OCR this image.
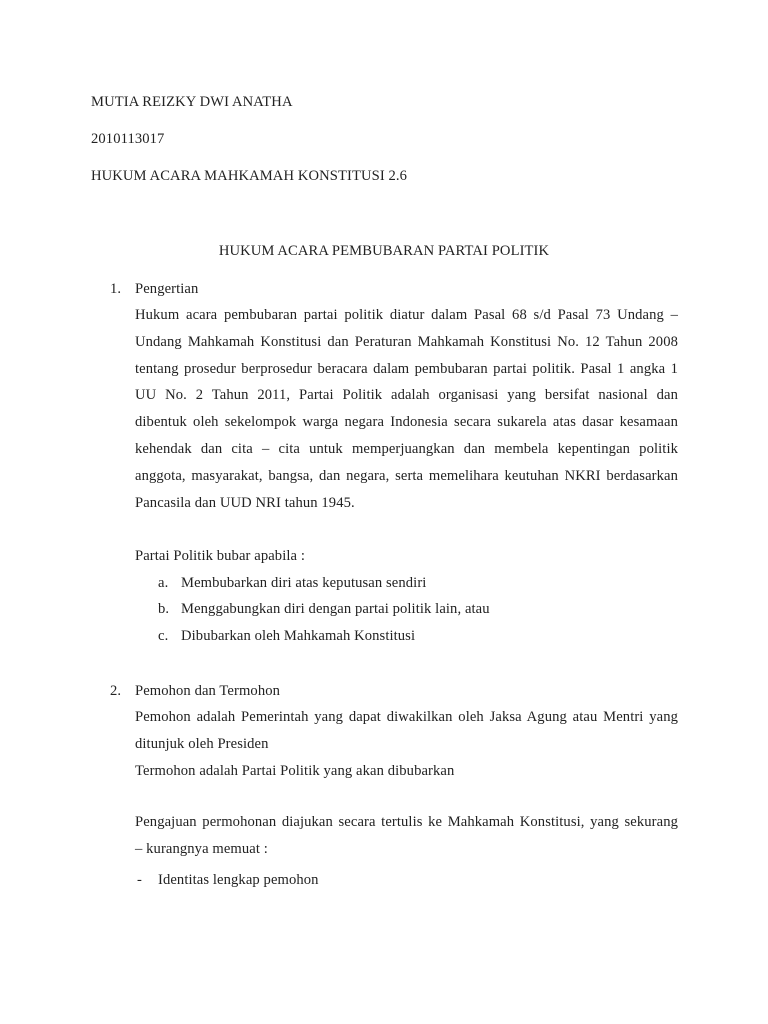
MUTIA REIZKY DWI ANATHA

2010113017

HUKUM ACARA MAHKAMAH KONSTITUSI 2.6

HUKUM ACARA PEMBUBARAN PARTAI POLITIK

1. Pengertian
Hukum acara pembubaran partai politik diatur dalam Pasal 68 s/d Pasal 73 Undang –
Undang Mahkamah Konstitusi dan Peraturan Mahkamah Konstitusi No. 12 Tahun 2008
tentang prosedur berprosedur beracara dalam pembubaran partai politik. Pasal 1 angka 1
UU No. 2 Tahun 2011, Partai Politik adalah organisasi yang bersifat nasional dan
dibentuk oleh sekelompok warga negara Indonesia secara sukarela atas dasar kesamaan
kehendak dan cita – cita untuk memperjuangkan dan membela kepentingan politik
anggota, masyarakat, bangsa, dan negara, serta memelihara keutuhan NKRI berdasarkan
Pancasila dan UUD NRI tahun 1945.

Partai Politik bubar apabila :

a. Membubarkan diri atas keputusan sendiri
b. Menggabungkan diri dengan partai politik lain, atau
c. Dibubarkan oleh Mahkamah Konstitusi
2. Pemohon dan Termohon
Pemohon adalah Pemerintah yang dapat diwakilkan oleh Jaksa Agung atau Mentri yang
ditunjuk oleh Presiden

Termohon adalah Partai Politik yang akan dibubarkan

Pengajuan permohonan diajukan secara tertulis ke Mahkamah Konstitusi, yang sekurang
– kurangnya memuat :
- Identitas lengkap pemohon
